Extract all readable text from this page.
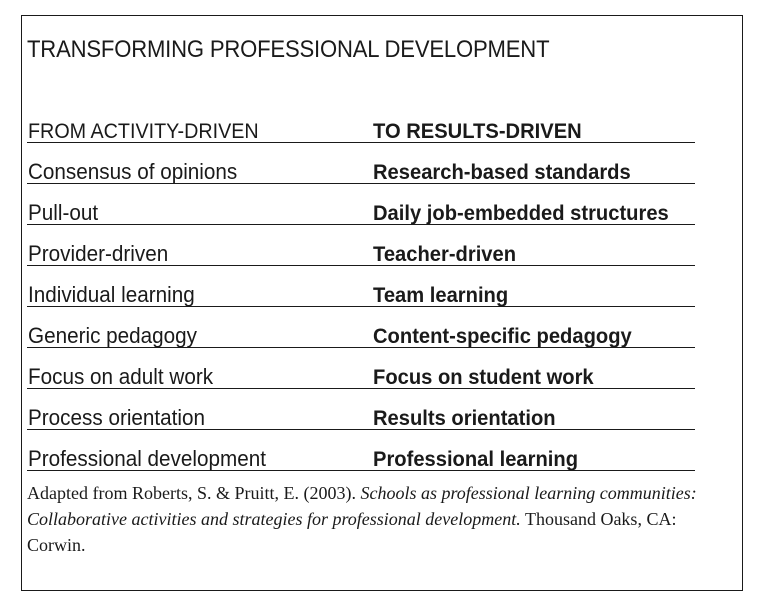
TRANSFORMING PROFESSIONAL DEVELOPMENT
FROM ACTIVITY-DRIVEN	TO RESULTS-DRIVEN
Consensus of opinions	Research-based standards
Pull-out	Daily job-embedded structures
Provider-driven	Teacher-driven
Individual learning	Team learning
Generic pedagogy	Content-specific pedagogy
Focus on adult work	Focus on student work
Process orientation	Results orientation
Professional development	Professional learning
Adapted from Roberts, S. & Pruitt, E. (2003). Schools as professional learning communities: Collaborative activities and strategies for professional development. Thousand Oaks, CA: Corwin.
